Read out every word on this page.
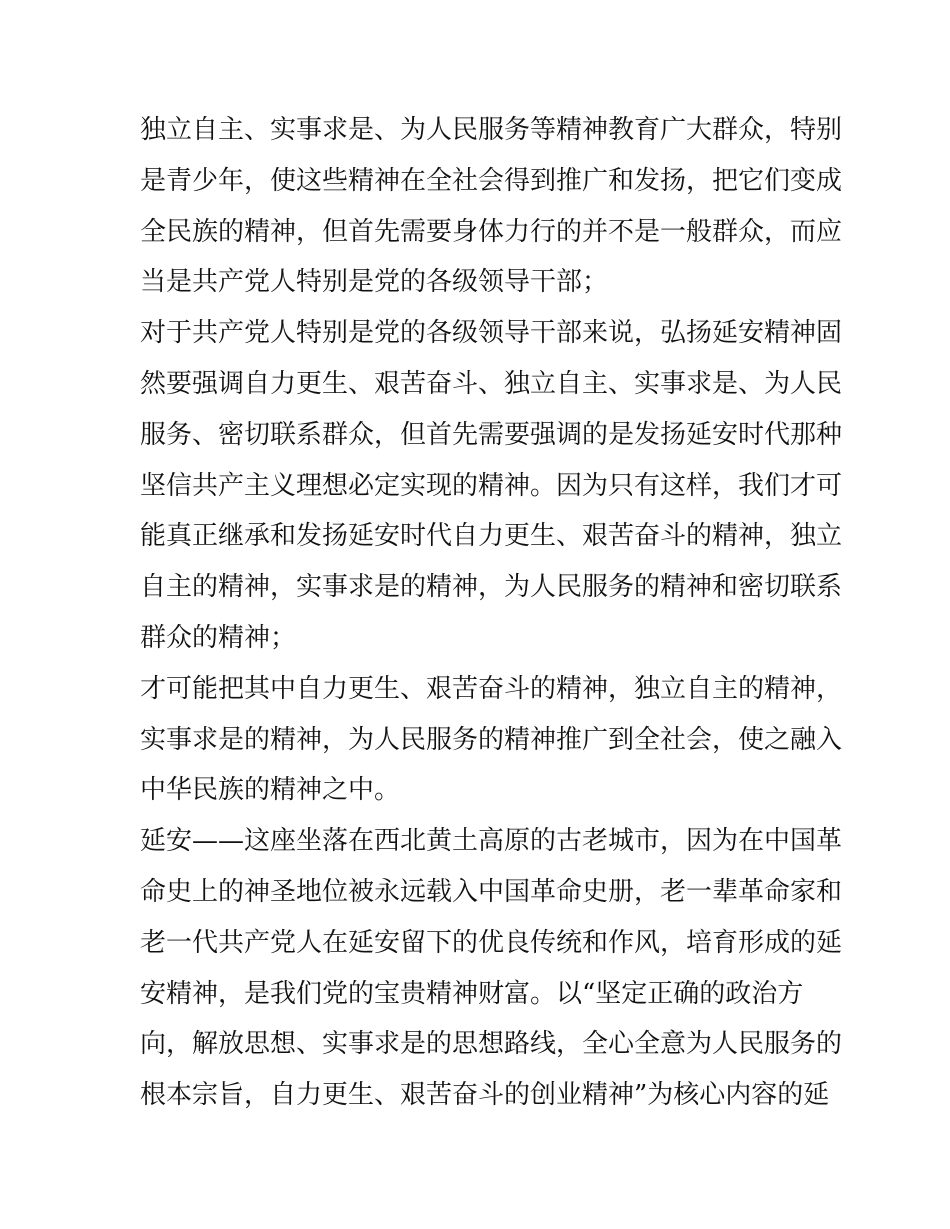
独立自主、实事求是、为人民服务等精神教育广大群众，特别
是青少年，使这些精神在全社会得到推广和发扬，把它们变成
全民族的精神，但首先需要身体力行的并不是一般群众，而应
当是共产党人特别是党的各级领导干部；
对于共产党人特别是党的各级领导干部来说，弘扬延安精神固
然要强调自力更生、艰苦奋斗、独立自主、实事求是、为人民
服务、密切联系群众，但首先需要强调的是发扬延安时代那种
坚信共产主义理想必定实现的精神。因为只有这样，我们才可
能真正继承和发扬延安时代自力更生、艰苦奋斗的精神，独立
自主的精神，实事求是的精神，为人民服务的精神和密切联系
群众的精神；
才可能把其中自力更生、艰苦奋斗的精神，独立自主的精神，
实事求是的精神，为人民服务的精神推广到全社会，使之融入
中华民族的精神之中。
延安——这座坐落在西北黄土高原的古老城市，因为在中国革
命史上的神圣地位被永远载入中国革命史册，老一辈革命家和
老一代共产党人在延安留下的优良传统和作风，培育形成的延
安精神，是我们党的宝贵精神财富。以“坚定正确的政治方
向，解放思想、实事求是的思想路线，全心全意为人民服务的
根本宗旨，自力更生、艰苦奋斗的创业精神”为核心内容的延
